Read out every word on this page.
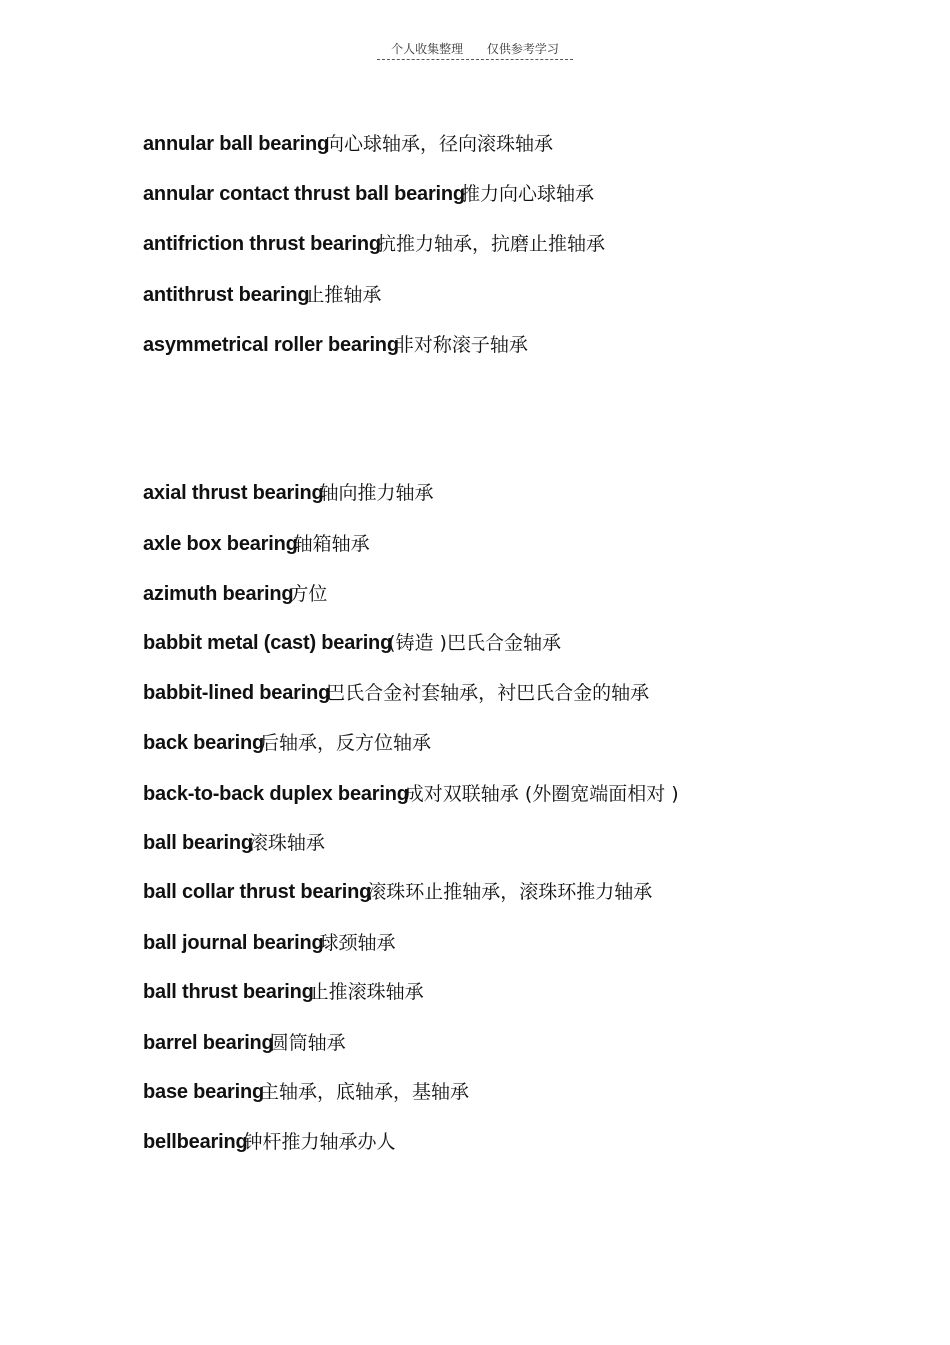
个人收集整理 仅供参考学习
annular ball bearing向心球轴承，径向滚珠轴承
annular contact thrust ball bearing推力向心球轴承
antifriction thrust bearing抗推力轴承，抗磨止推轴承
antithrust bearing止推轴承
asymmetrical roller bearing非对称滚子轴承
axial thrust bearing轴向推力轴承
axle box bearing轴箱轴承
azimuth bearing方位
babbit metal (cast) bearing(铸造 )巴氏合金轴承
babbit-lined bearing巴氏合金衬套轴承，衬巴氏合金的轴承
back bearing后轴承，反方位轴承
back-to-back duplex bearing成对双联轴承 (外圈宽端面相对 )
ball bearing滚珠轴承
ball collar thrust bearing滚珠环止推轴承，滚珠环推力轴承
ball journal bearing球颈轴承
ball thrust bearing止推滚珠轴承
barrel bearing圆筒轴承
base bearing主轴承，底轴承，基轴承
bellbearing钟杆推力轴承办人
